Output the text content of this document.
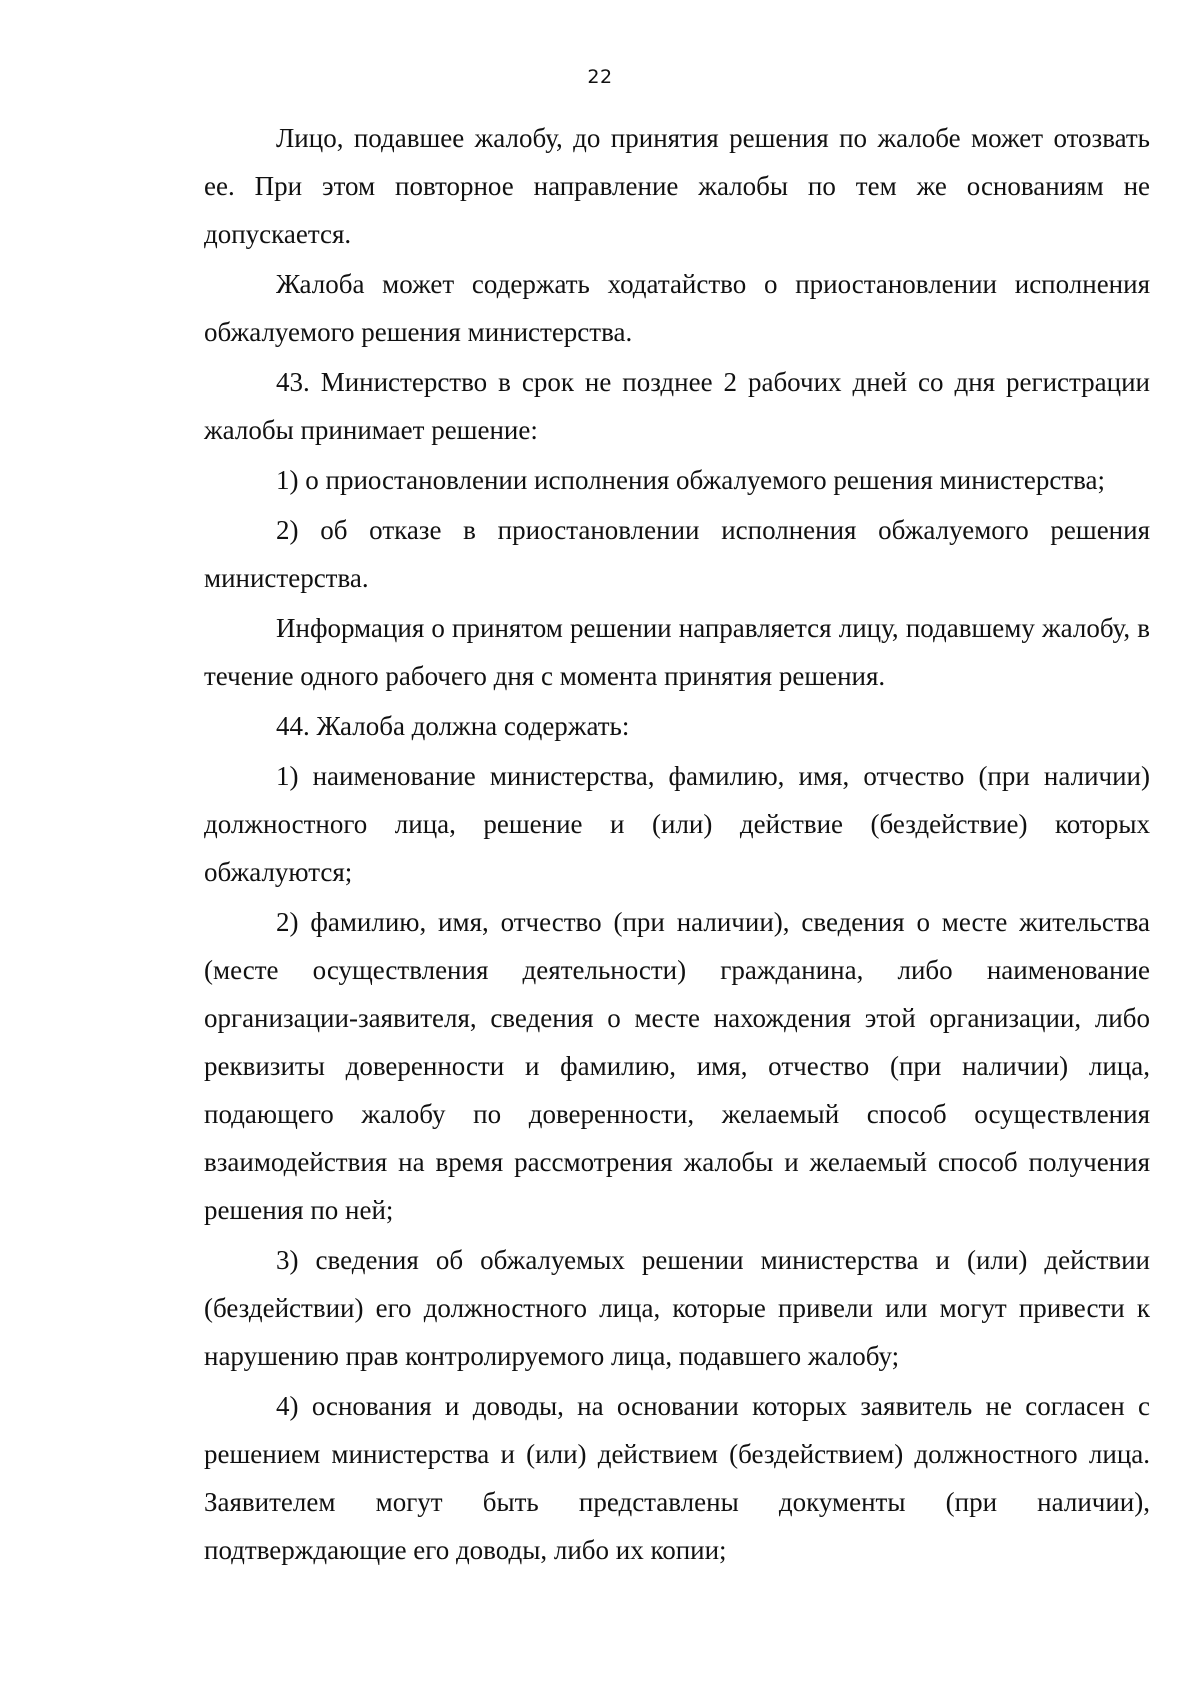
22

Лицо, подавшее жалобу, до принятия решения по жалобе может отозвать ее. При этом повторное направление жалобы по тем же основаниям не допускается.

Жалоба может содержать ходатайство о приостановлении исполнения обжалуемого решения министерства.

43. Министерство в срок не позднее 2 рабочих дней со дня регистрации жалобы принимает решение:

1) о приостановлении исполнения обжалуемого решения министерства;

2) об отказе в приостановлении исполнения обжалуемого решения министерства.

Информация о принятом решении направляется лицу, подавшему жалобу, в течение одного рабочего дня с момента принятия решения.

44. Жалоба должна содержать:

1) наименование министерства, фамилию, имя, отчество (при наличии) должностного лица, решение и (или) действие (бездействие) которых обжалуются;

2) фамилию, имя, отчество (при наличии), сведения о месте жительства (месте осуществления деятельности) гражданина, либо наименование организации-заявителя, сведения о месте нахождения этой организации, либо реквизиты доверенности и фамилию, имя, отчество (при наличии) лица, подающего жалобу по доверенности, желаемый способ осуществления взаимодействия на время рассмотрения жалобы и желаемый способ получения решения по ней;

3) сведения об обжалуемых решении министерства и (или) действии (бездействии) его должностного лица, которые привели или могут привести к нарушению прав контролируемого лица, подавшего жалобу;

4) основания и доводы, на основании которых заявитель не согласен с решением министерства и (или) действием (бездействием) должностного лица. Заявителем могут быть представлены документы (при наличии), подтверждающие его доводы, либо их копии;
